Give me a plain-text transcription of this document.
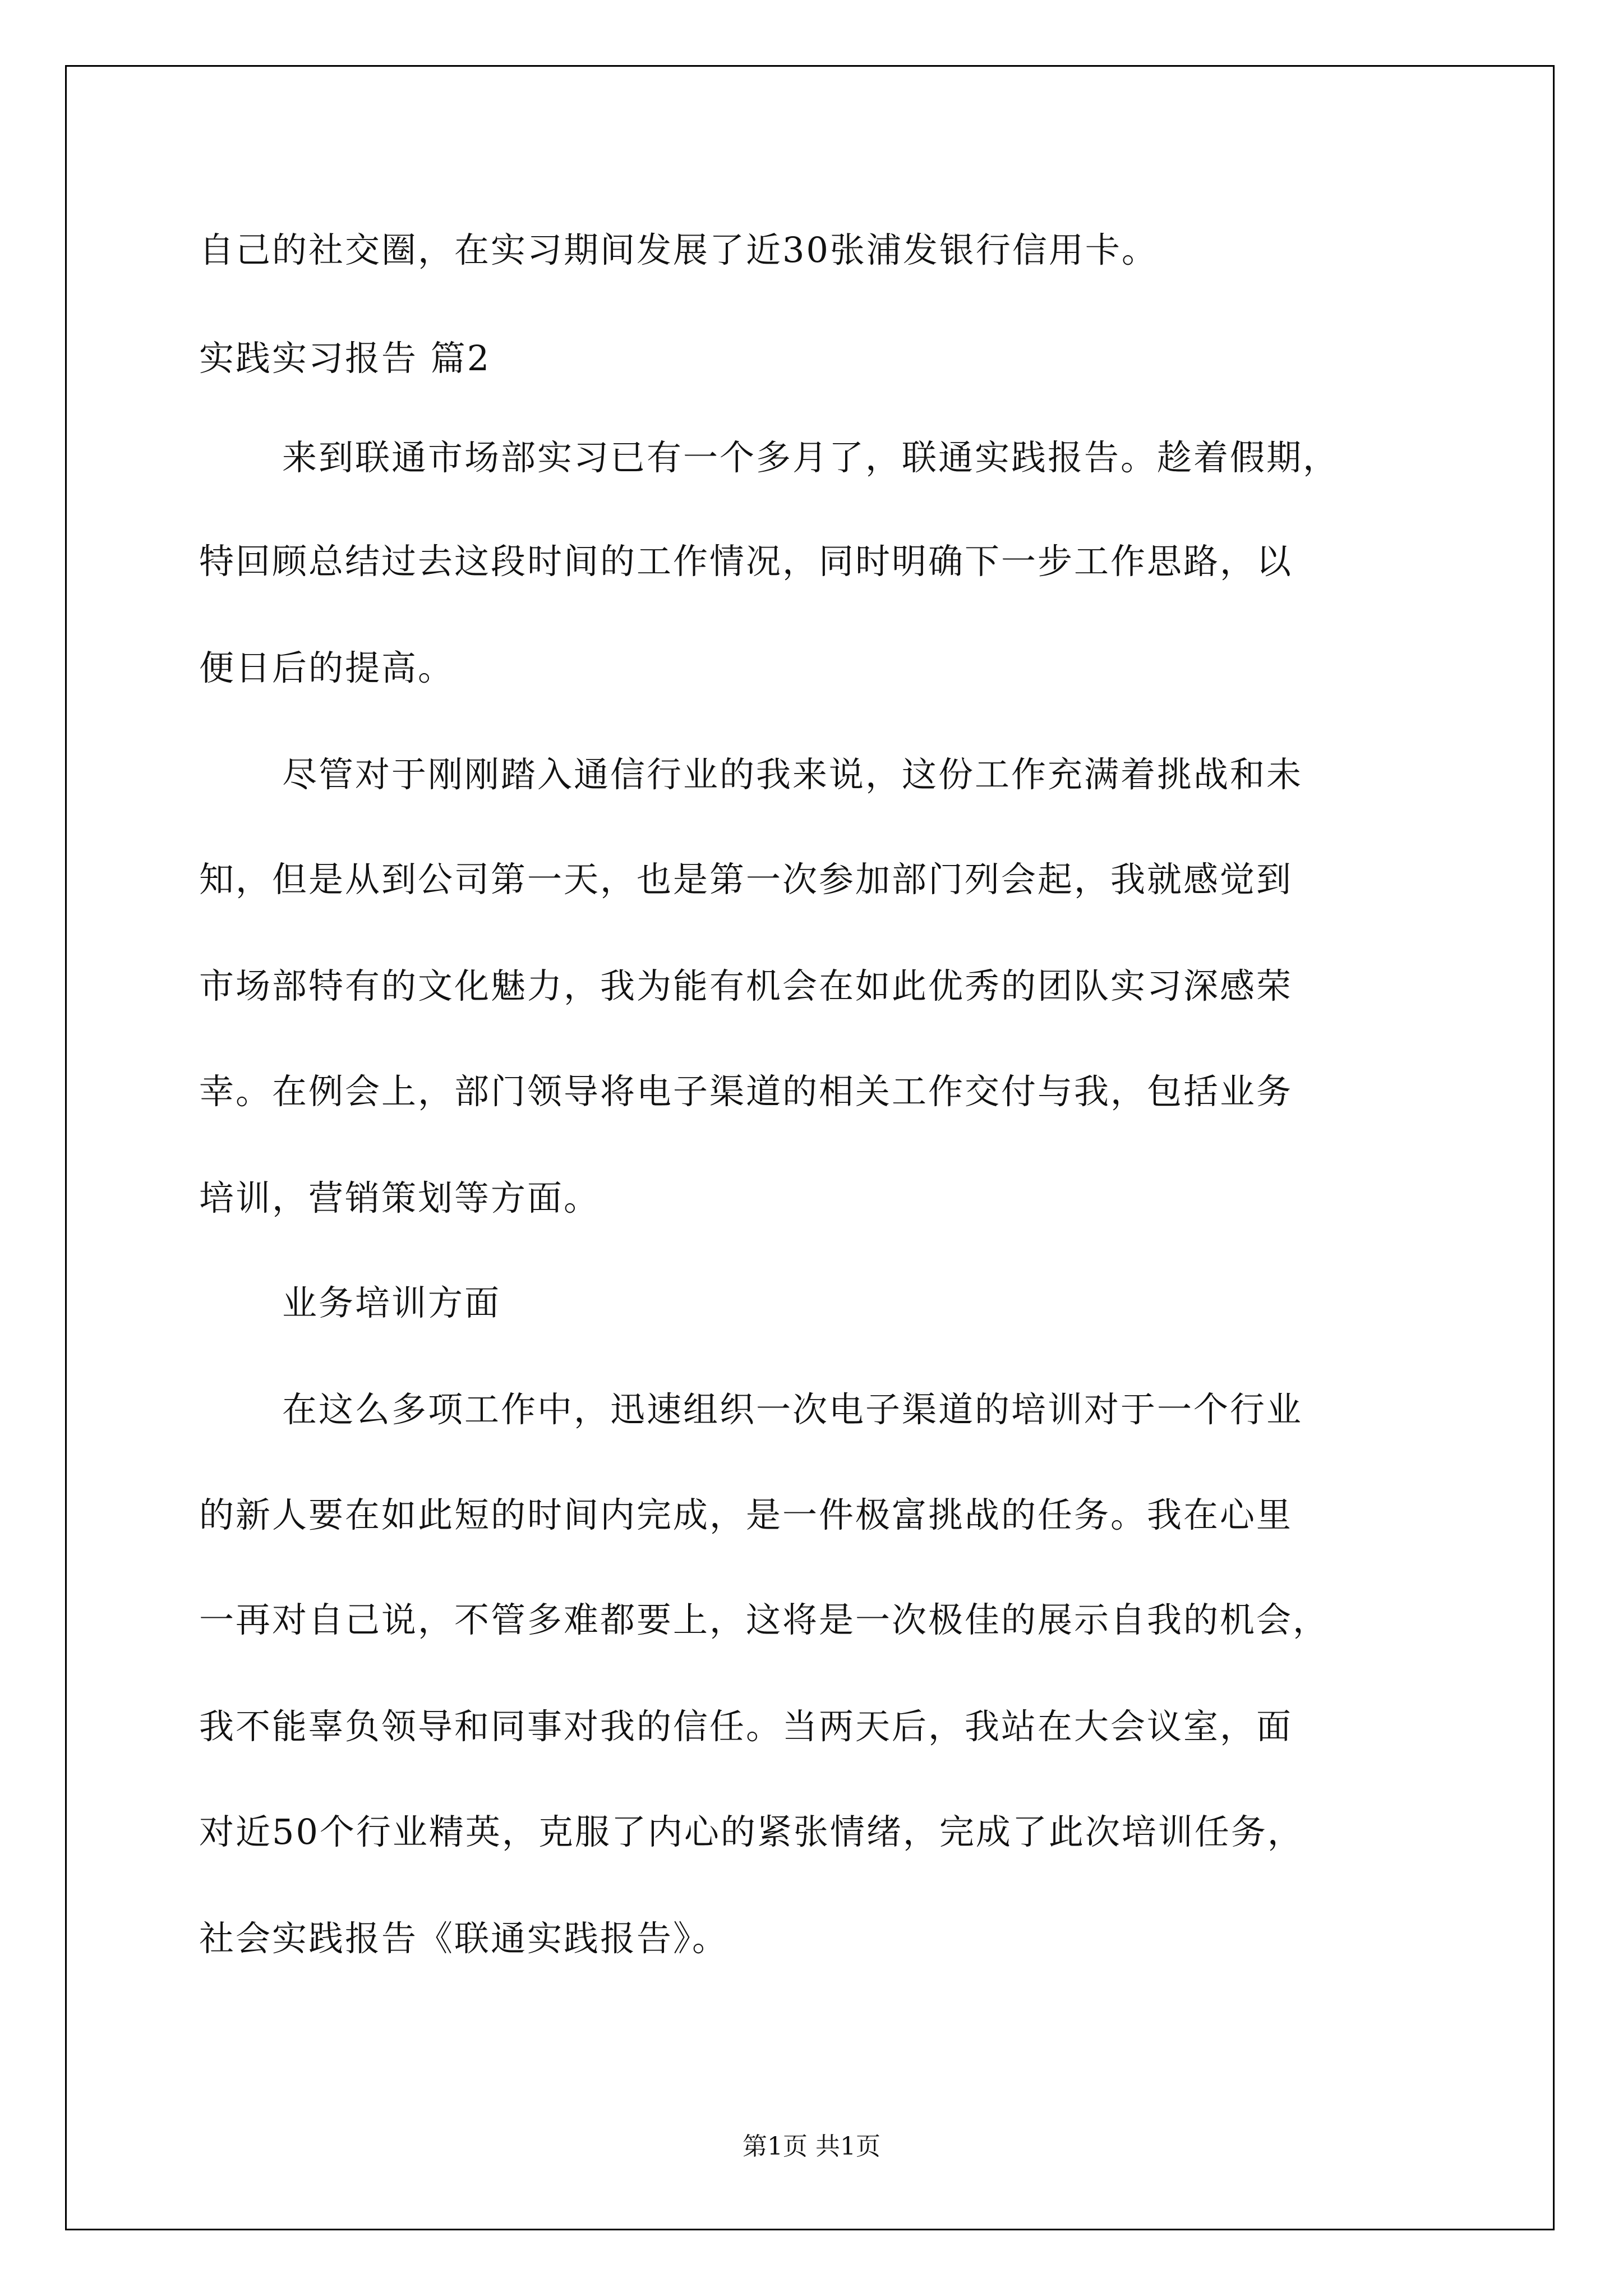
自己的社交圈，在实习期间发展了近30张浦发银行信用卡。

实践实习报告 篇2

来到联通市场部实习已有一个多月了，联通实践报告。趁着假期，

特回顾总结过去这段时间的工作情况，同时明确下一步工作思路，以

便日后的提高。

尽管对于刚刚踏入通信行业的我来说，这份工作充满着挑战和未

知，但是从到公司第一天，也是第一次参加部门列会起，我就感觉到

市场部特有的文化魅力，我为能有机会在如此优秀的团队实习深感荣

幸。在例会上，部门领导将电子渠道的相关工作交付与我，包括业务

培训，营销策划等方面。

业务培训方面

在这么多项工作中，迅速组织一次电子渠道的培训对于一个行业

的新人要在如此短的时间内完成，是一件极富挑战的任务。我在心里

一再对自己说，不管多难都要上，这将是一次极佳的展示自我的机会，

我不能辜负领导和同事对我的信任。当两天后，我站在大会议室，面

对近50个行业精英，克服了内心的紧张情绪，完成了此次培训任务，

社会实践报告《联通实践报告》。

第1页 共1页
